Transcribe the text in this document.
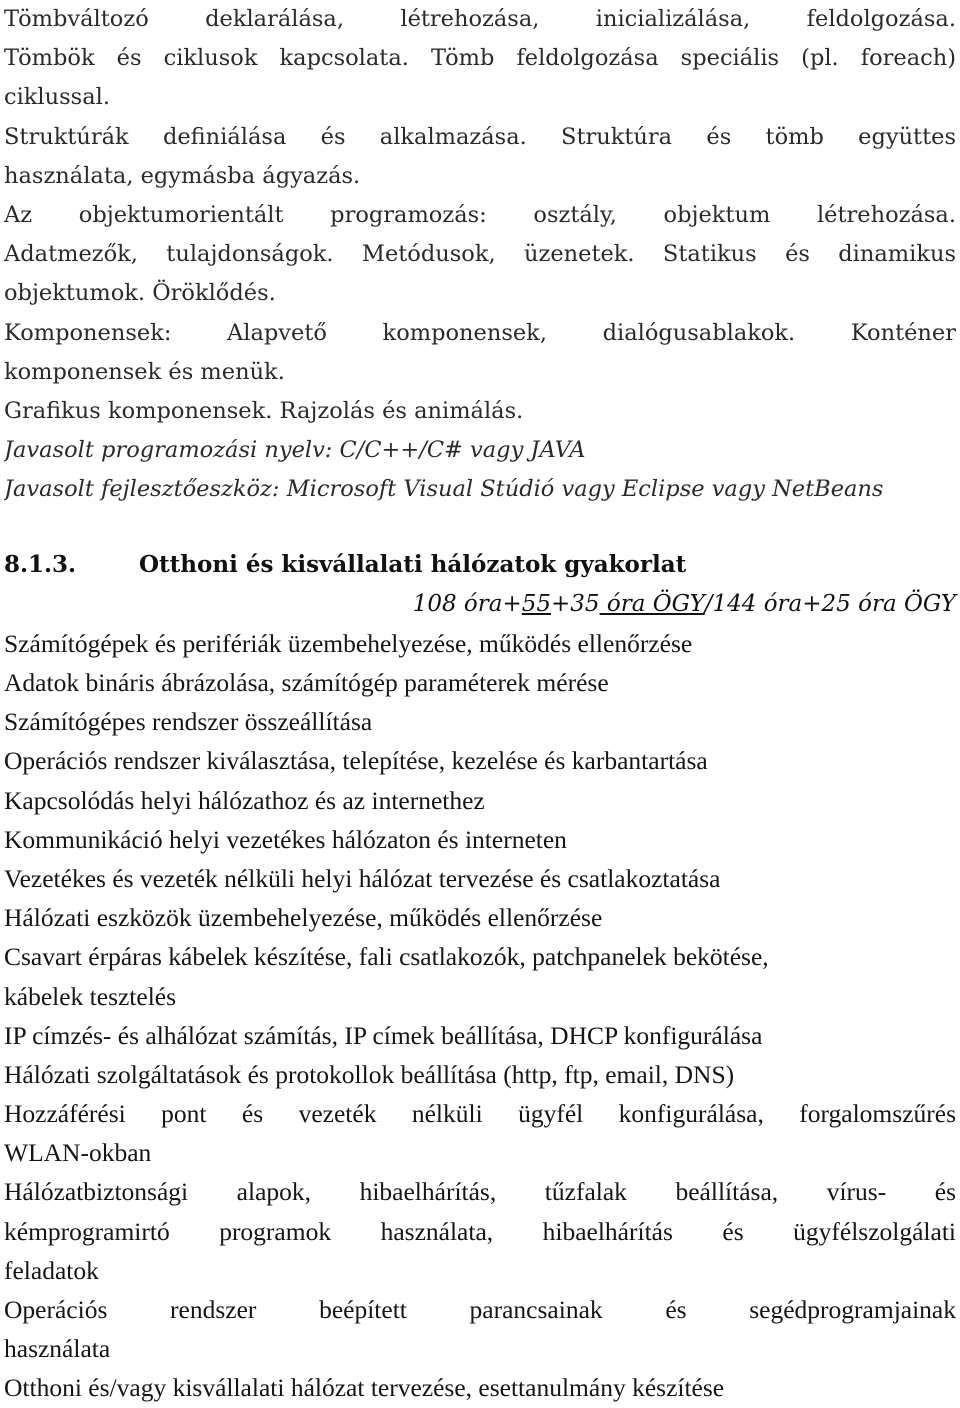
Tömbváltozó deklarálása, létrehozása, inicializálása, feldolgozása.
Tömbök és ciklusok kapcsolata. Tömb feldolgozása speciális (pl. foreach)
ciklussal.
Struktúrák definiálása és alkalmazása. Struktúra és tömb együttes
használata, egymásba ágyazás.
Az objektumorientált programozás: osztály, objektum létrehozása.
Adatmezők, tulajdonságok. Metódusok, üzenetek. Statikus és dinamikus
objektumok. Öröklődés.
Komponensek: Alapvető komponensek, dialógusablakok. Konténer
komponensek és menük.
Grafikus komponensek. Rajzolás és animálás.
Javasolt programozási nyelv: C/C++/C# vagy JAVA
Javasolt fejlesztőeszköz: Microsoft Visual Stúdió vagy Eclipse vagy NetBeans
8.1.3.	Otthoni és kisvállalati hálózatok gyakorlat
108 óra+55+35 óra ÖGY/144 óra+25 óra ÖGY
Számítógépek és perifériák üzembehelyezése, működés ellenőrzése
Adatok bináris ábrázolása, számítógép paraméterek mérése
Számítógépes rendszer összeállítása
Operációs rendszer kiválasztása, telepítése, kezelése és karbantartása
Kapcsolódás helyi hálózathoz és az internethez
Kommunikáció helyi vezetékes hálózaton és interneten
Vezetékes és vezeték nélküli helyi hálózat tervezése és csatlakoztatása
Hálózati eszközök üzembehelyezése, működés ellenőrzése
Csavart érpáras kábelek készítése, fali csatlakozók, patchpanelek bekötése,
kábelek tesztelés
IP címzés- és alhálózat számítás, IP címek beállítása, DHCP konfigurálása
Hálózati szolgáltatások és protokollok beállítása (http, ftp, email, DNS)
Hozzáférési pont és vezeték nélküli ügyfél konfigurálása, forgalomszűrés
WLAN-okban
Hálózatbiztonsági alapok, hibaelhárítás, tűzfalak beállítása, vírus- és
kémprogramirtó programok használata, hibaelhárítás és ügyfélszolgálati
feladatok
Operációs rendszer beépített parancsainak és segédprogramjainak
használata
Otthoni és/vagy kisvállalati hálózat tervezése, esettanulmány készítése
